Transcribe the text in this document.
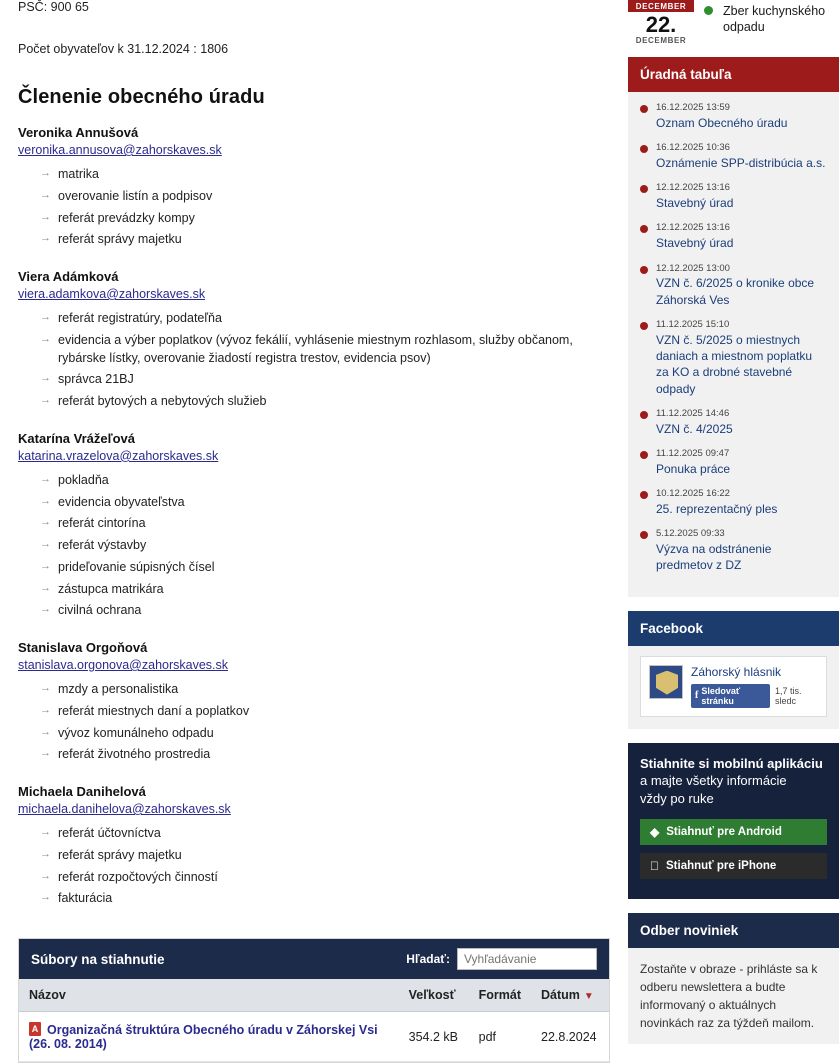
PSČ: 900 65
Počet obyvateľov k 31.12.2024 : 1806
Členenie obecného úradu
Veronika Annušová
veronika.annusova@zahorskaves.sk
→ matrika
→ overovanie listín a podpisov
→ referát prevádzky kompy
→ referát správy majetku
Viera Adámková
viera.adamkova@zahorskaves.sk
→ referát registratúry, podateľňa
→ evidencia a výber poplatkov (vývoz fekálií, vyhlásenie miestnym rozhlasom, služby občanom, rybárske lístky, overovanie žiadostí registra trestov, evidencia psov)
→ správca 21BJ
→ referát bytových a nebytových služieb
Katarína Vrážeľová
katarina.vrazelova@zahorskaves.sk
→ pokladňa
→ evidencia obyvateľstva
→ referát cintorína
→ referát výstavby
→ prideľovanie súpisných čísel
→ zástupca matrikára
→ civilná ochrana
Stanislava Orgoňová
stanislava.orgonova@zahorskaves.sk
→ mzdy a personalistika
→ referát miestnych daní a poplatkov
→ vývoz komunálneho odpadu
→ referát životného prostredia
Michaela Danihelová
michaela.danihelova@zahorskaves.sk
→ referát účtovníctva
→ referát správy majetku
→ referát rozpočtových činností
→ fakturácia
Súbory na stiahnutie	Hľadať:
Vyhľadávanie
Názov	Veľkosť	Formát	Dátum ▼
AOrganizačná štruktúra Obecného úradu v Záhorskej Vsi (26. 08. 2014)	354.2 kB	pdf	22.8.2024
DECEMBER
22.
DECEMBER
Zber kuchynského odpadu
Úradná tabuľa
16.12.2025 13:59
Oznam Obecného úradu
16.12.2025 10:36
Oznámenie SPP-distribúcia a.s.
12.12.2025 13:16
Stavebný úrad
12.12.2025 13:16
Stavebný úrad
12.12.2025 13:00
VZN č. 6/2025 o kronike obce Záhorská Ves
11.12.2025 15:10
VZN č. 5/2025 o miestnych daniach a miestnom poplatku za KO a drobné stavebné odpady
11.12.2025 14:46
VZN č. 4/2025
11.12.2025 09:47
Ponuka práce
10.12.2025 16:22
25. reprezentačný ples
5.12.2025 09:33
Výzva na odstránenie predmetov z DZ
Facebook
Záhorský hlásnik
f Sledovať stránku
1,7 tis. sledc
Stiahnite si mobilnú aplikáciu
a majte všetky informácie
vždy po ruke
◆ Stiahnuť pre Android
Stiahnuť pre iPhone
Odber noviniek
Zostaňte v obraze - prihláste sa k odberu newslettera a budte informovaný o aktuálnych novinkách raz za týždeň mailom.
